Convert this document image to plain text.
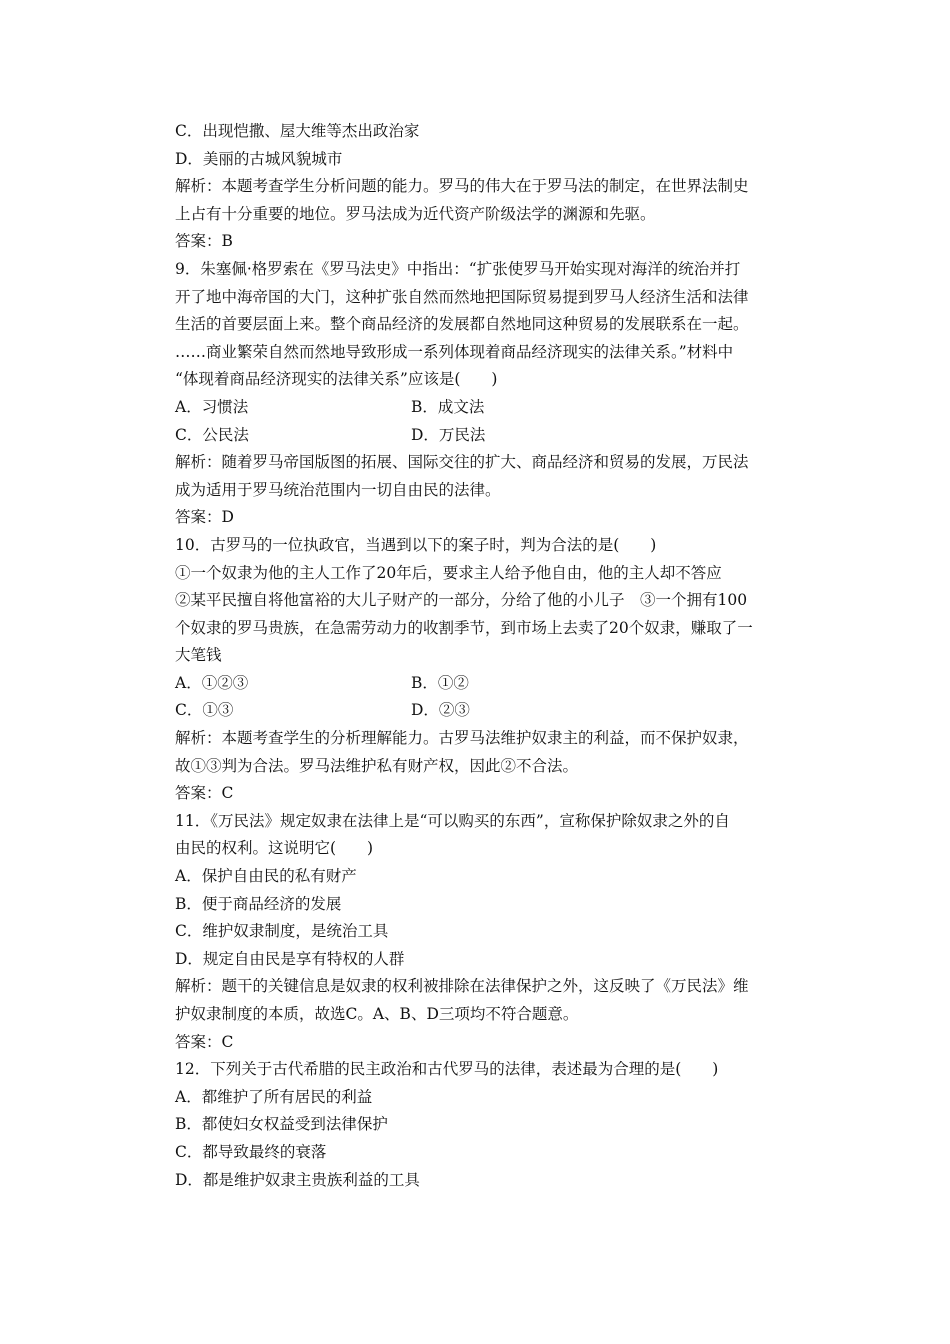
C．出现恺撒、屋大维等杰出政治家
D．美丽的古城风貌城市
解析：本题考查学生分析问题的能力。罗马的伟大在于罗马法的制定，在世界法制史
上占有十分重要的地位。罗马法成为近代资产阶级法学的渊源和先驱。
答案：B
9．朱塞佩·格罗索在《罗马法史》中指出：“扩张使罗马开始实现对海洋的统治并打
开了地中海帝国的大门，这种扩张自然而然地把国际贸易提到罗马人经济生活和法律
生活的首要层面上来。整个商品经济的发展都自然地同这种贸易的发展联系在一起。
……商业繁荣自然而然地导致形成一系列体现着商品经济现实的法律关系。”材料中
“体现着商品经济现实的法律关系”应该是(　　)
A．习惯法	B．成文法
C．公民法	D．万民法
解析：随着罗马帝国版图的拓展、国际交往的扩大、商品经济和贸易的发展，万民法
成为适用于罗马统治范围内一切自由民的法律。
答案：D
10．古罗马的一位执政官，当遇到以下的案子时，判为合法的是(　　)
①一个奴隶为他的主人工作了20年后，要求主人给予他自由，他的主人却不答应
②某平民擅自将他富裕的大儿子财产的一部分，分给了他的小儿子　③一个拥有100
个奴隶的罗马贵族，在急需劳动力的收割季节，到市场上去卖了20个奴隶，赚取了一
大笔钱
A．①②③	B．①②
C．①③	D．②③
解析：本题考查学生的分析理解能力。古罗马法维护奴隶主的利益，而不保护奴隶，
故①③判为合法。罗马法维护私有财产权，因此②不合法。
答案：C
11．《万民法》规定奴隶在法律上是“可以购买的东西”，宣称保护除奴隶之外的自
由民的权利。这说明它(　　)
A．保护自由民的私有财产
B．便于商品经济的发展
C．维护奴隶制度，是统治工具
D．规定自由民是享有特权的人群
解析：题干的关键信息是奴隶的权利被排除在法律保护之外，这反映了《万民法》维
护奴隶制度的本质，故选C。A、B、D三项均不符合题意。
答案：C
12．下列关于古代希腊的民主政治和古代罗马的法律，表述最为合理的是(　　)
A．都维护了所有居民的利益
B．都使妇女权益受到法律保护
C．都导致最终的衰落
D．都是维护奴隶主贵族利益的工具
